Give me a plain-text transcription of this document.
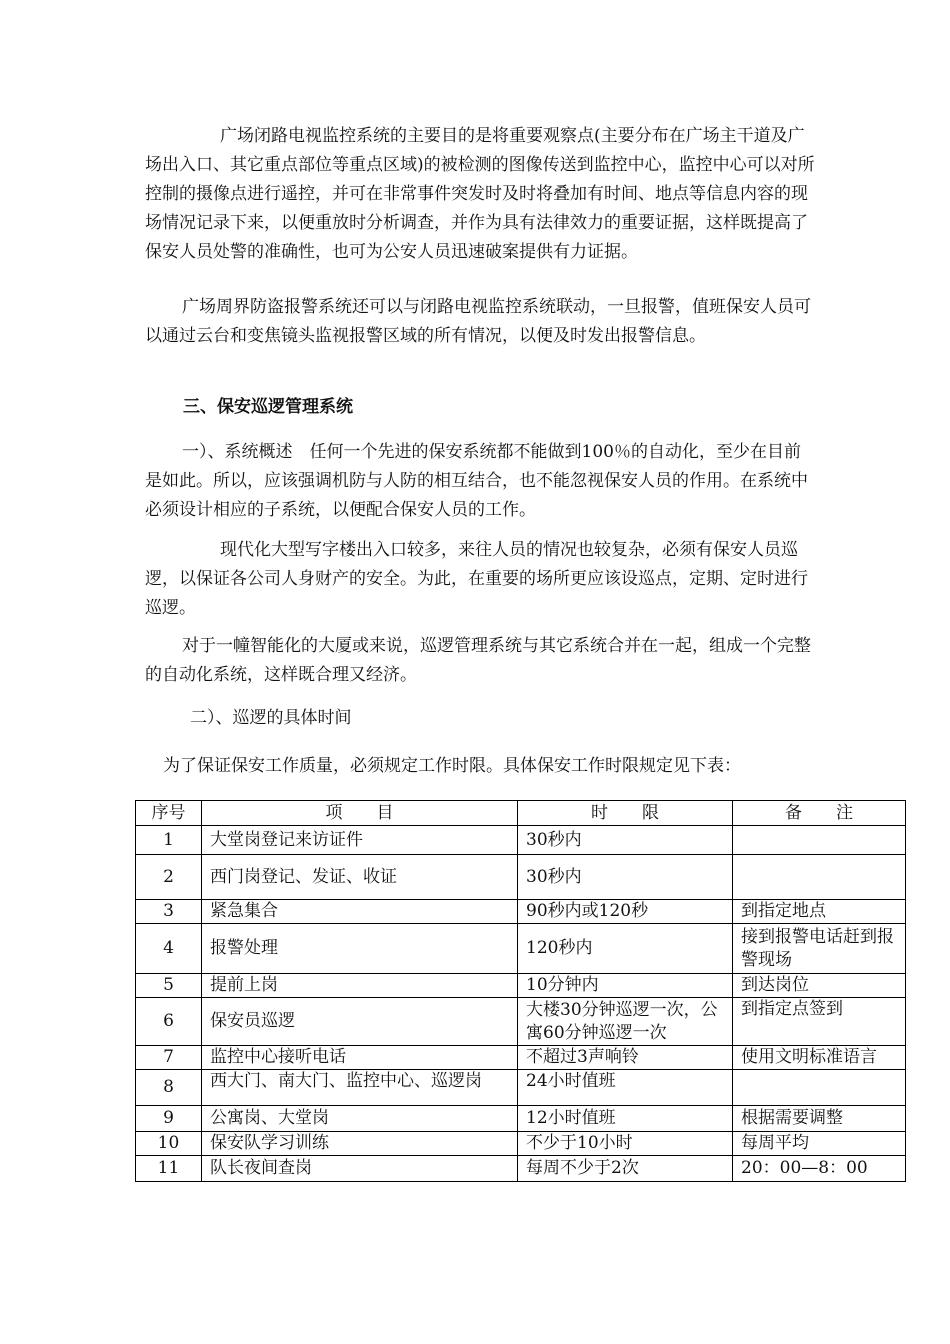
广场闭路电视监控系统的主要目的是将重要观察点(主要分布在广场主干道及广场出入口、其它重点部位等重点区域)的被检测的图像传送到监控中心，监控中心可以对所控制的摄像点进行遥控，并可在非常事件突发时及时将叠加有时间、地点等信息内容的现场情况记录下来，以便重放时分析调查，并作为具有法律效力的重要证据，这样既提高了保安人员处警的准确性，也可为公安人员迅速破案提供有力证据。

广场周界防盗报警系统还可以与闭路电视监控系统联动，一旦报警，值班保安人员可以通过云台和变焦镜头监视报警区域的所有情况，以便及时发出报警信息。

三、保安巡逻管理系统

一）、系统概述　任何一个先进的保安系统都不能做到100％的自动化，至少在目前是如此。所以，应该强调机防与人防的相互结合，也不能忽视保安人员的作用。在系统中必须设计相应的子系统，以便配合保安人员的工作。

现代化大型写字楼出入口较多，来往人员的情况也较复杂，必须有保安人员巡逻，以保证各公司人身财产的安全。为此，在重要的场所更应该设巡点，定期、定时进行巡逻。

对于一幢智能化的大厦或来说，巡逻管理系统与其它系统合并在一起，组成一个完整的自动化系统，这样既合理又经济。

二）、巡逻的具体时间

为了保证保安工作质量，必须规定工作时限。具体保安工作时限规定见下表：

序号	项　　目	时　　限	备　　注
1	大堂岗登记来访证件	30秒内	
2	西门岗登记、发证、收证	30秒内	
3	紧急集合	90秒内或120秒	到指定地点
4	报警处理	120秒内	接到报警电话赶到报警现场
5	提前上岗	10分钟内	到达岗位
6	保安员巡逻	大楼30分钟巡逻一次，公寓60分钟巡逻一次	到指定点签到
7	监控中心接听电话	不超过3声响铃	使用文明标准语言
8	西大门、南大门、监控中心、巡逻岗	24小时值班	
9	公寓岗、大堂岗	12小时值班	根据需要调整
10	保安队学习训练	不少于10小时	每周平均
11	队长夜间查岗	每周不少于2次	20：00—8：00
